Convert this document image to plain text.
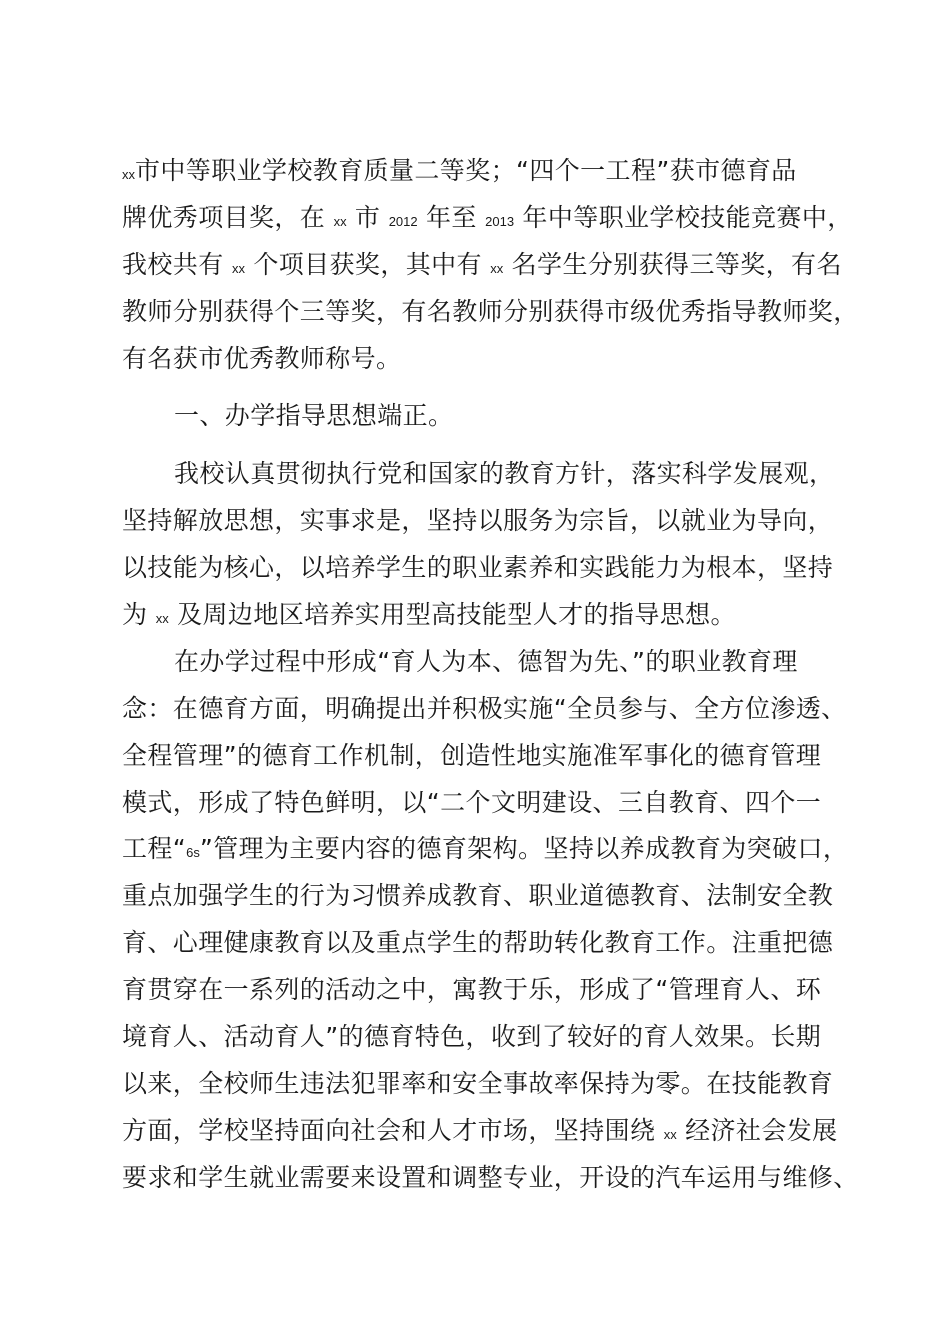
xx市中等职业学校教育质量二等奖；“四个一工程”获市德育品
牌优秀项目奖，在 xx 市 2012 年至 2013 年中等职业学校技能竞赛中，
我校共有 xx 个项目获奖，其中有 xx 名学生分别获得三等奖，有名
教师分别获得个三等奖，有名教师分别获得市级优秀指导教师奖，
有名获市优秀教师称号。
一、办学指导思想端正。
我校认真贯彻执行党和国家的教育方针，落实科学发展观，
坚持解放思想，实事求是，坚持以服务为宗旨，以就业为导向，
以技能为核心，以培养学生的职业素养和实践能力为根本，坚持
为 xx 及周边地区培养实用型高技能型人才的指导思想。
在办学过程中形成“育人为本、德智为先、”的职业教育理
念：在德育方面，明确提出并积极实施“全员参与、全方位渗透、
全程管理”的德育工作机制，创造性地实施准军事化的德育管理
模式，形成了特色鲜明，以“二个文明建设、三自教育、四个一
工程“6s”管理为主要内容的德育架构。坚持以养成教育为突破口，
重点加强学生的行为习惯养成教育、职业道德教育、法制安全教
育、心理健康教育以及重点学生的帮助转化教育工作。注重把德
育贯穿在一系列的活动之中，寓教于乐，形成了“管理育人、环
境育人、活动育人”的德育特色，收到了较好的育人效果。长期
以来，全校师生违法犯罪率和安全事故率保持为零。在技能教育
方面，学校坚持面向社会和人才市场，坚持围绕 xx 经济社会发展
要求和学生就业需要来设置和调整专业，开设的汽车运用与维修、
